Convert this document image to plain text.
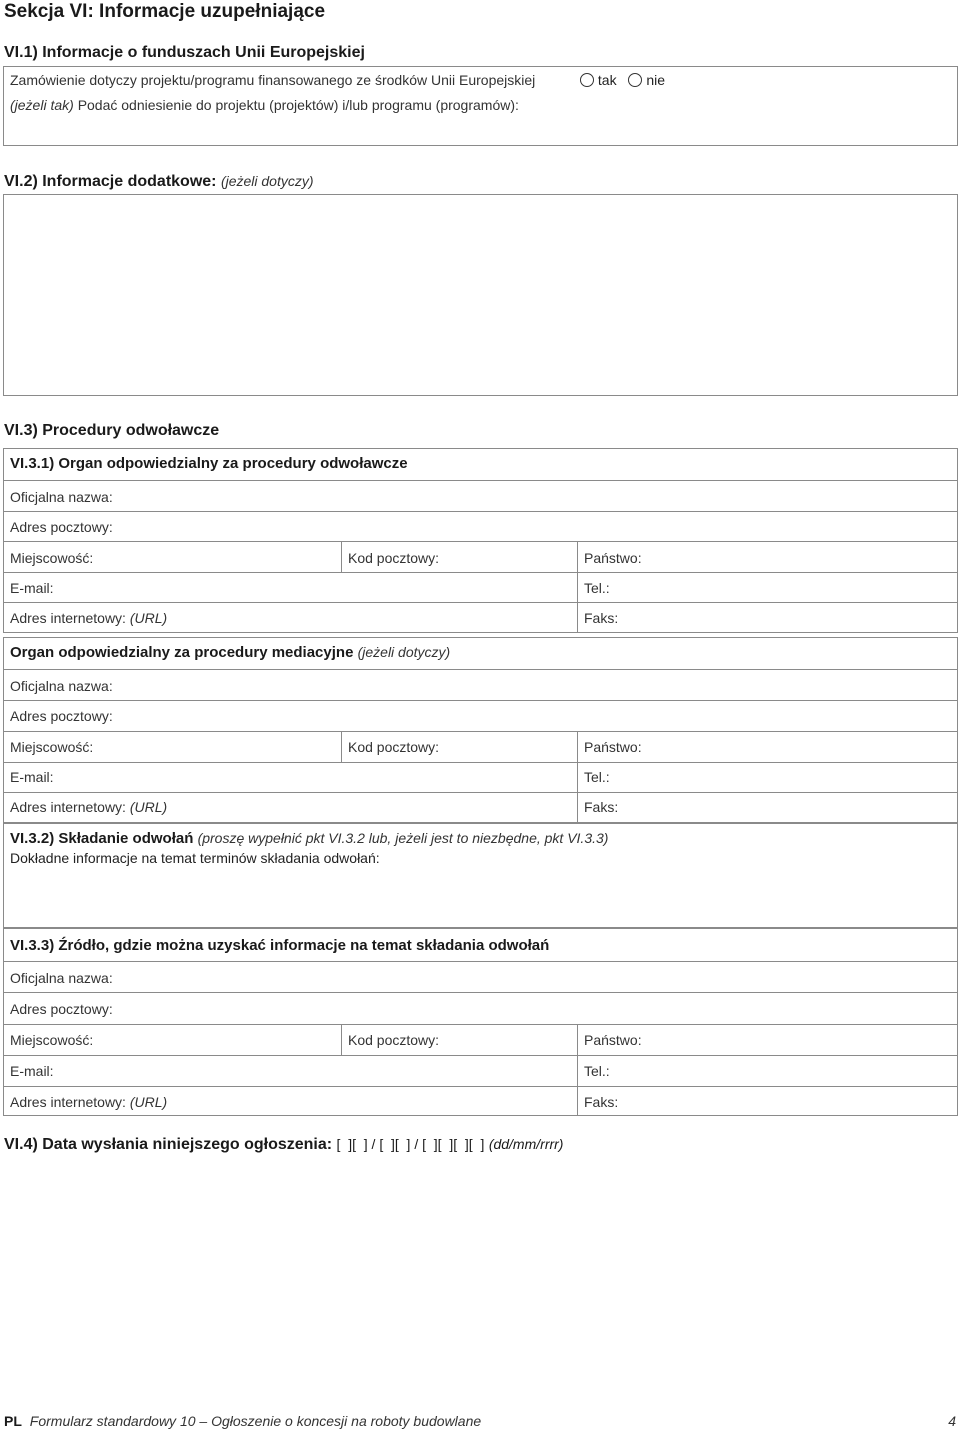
Sekcja VI: Informacje uzupełniające
VI.1) Informacje o funduszach Unii Europejskiej
Zamówienie dotyczy projektu/programu finansowanego ze środków Unii Europejskiej	tak nie
(jeżeli tak) Podać odniesienie do projektu (projektów) i/lub programu (programów):
VI.2) Informacje dodatkowe: (jeżeli dotyczy)
VI.3) Procedury odwoławcze
VI.3.1) Organ odpowiedzialny za procedury odwoławcze
Oficjalna nazwa:
Adres pocztowy:
Miejscowość:	Kod pocztowy:	Państwo:
E-mail:	Tel.:
Adres internetowy: (URL)	Faks:
Organ odpowiedzialny za procedury mediacyjne (jeżeli dotyczy)
Oficjalna nazwa:
Adres pocztowy:
Miejscowość:	Kod pocztowy:	Państwo:
E-mail:	Tel.:
Adres internetowy: (URL)	Faks:
VI.3.2) Składanie odwołań (proszę wypełnić pkt VI.3.2 lub, jeżeli jest to niezbędne, pkt VI.3.3)
Dokładne informacje na temat terminów składania odwołań:
VI.3.3) Źródło, gdzie można uzyskać informacje na temat składania odwołań
Oficjalna nazwa:
Adres pocztowy:
Miejscowość:	Kod pocztowy:	Państwo:
E-mail:	Tel.:
Adres internetowy: (URL)	Faks:
VI.4) Data wysłania niniejszego ogłoszenia: [  ][  ] / [  ][  ] / [  ][  ][  ][  ] (dd/mm/rrrr)
PL Formularz standardowy 10 – Ogłoszenie o koncesji na roboty budowlane	4
